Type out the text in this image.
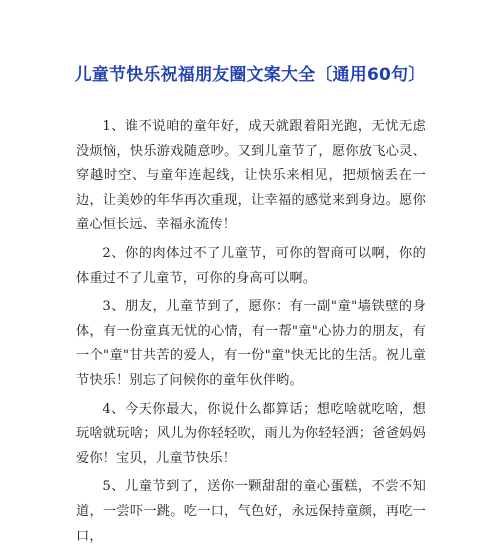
儿童节快乐祝福朋友圈文案大全〔通用60句〕

1、谁不说咱的童年好，成天就跟着阳光跑，无忧无虑没烦恼，快乐游戏随意吵。又到儿童节了，愿你放飞心灵、穿越时空、与童年连起线，让快乐来相见，把烦恼丢在一边，让美妙的年华再次重现，让幸福的感觉来到身边。愿你童心恒长远、幸福永流传！

2、你的肉体过不了儿童节，可你的智商可以啊，你的体重过不了儿童节，可你的身高可以啊。

3、朋友，儿童节到了，愿你：有一副"童"墙铁壁的身体，有一份童真无忧的心情，有一帮"童"心协力的朋友，有一个"童"甘共苦的爱人，有一份"童"快无比的生活。祝儿童节快乐！别忘了问候你的童年伙伴哟。

4、今天你最大，你说什么都算话；想吃啥就吃啥，想玩啥就玩啥；风儿为你轻轻吹，雨儿为你轻轻洒；爸爸妈妈爱你！宝贝，儿童节快乐！

5、儿童节到了，送你一颗甜甜的童心蛋糕，不尝不知道，一尝吓一跳。吃一口，气色好，永远保持童颜，再吃一口，
